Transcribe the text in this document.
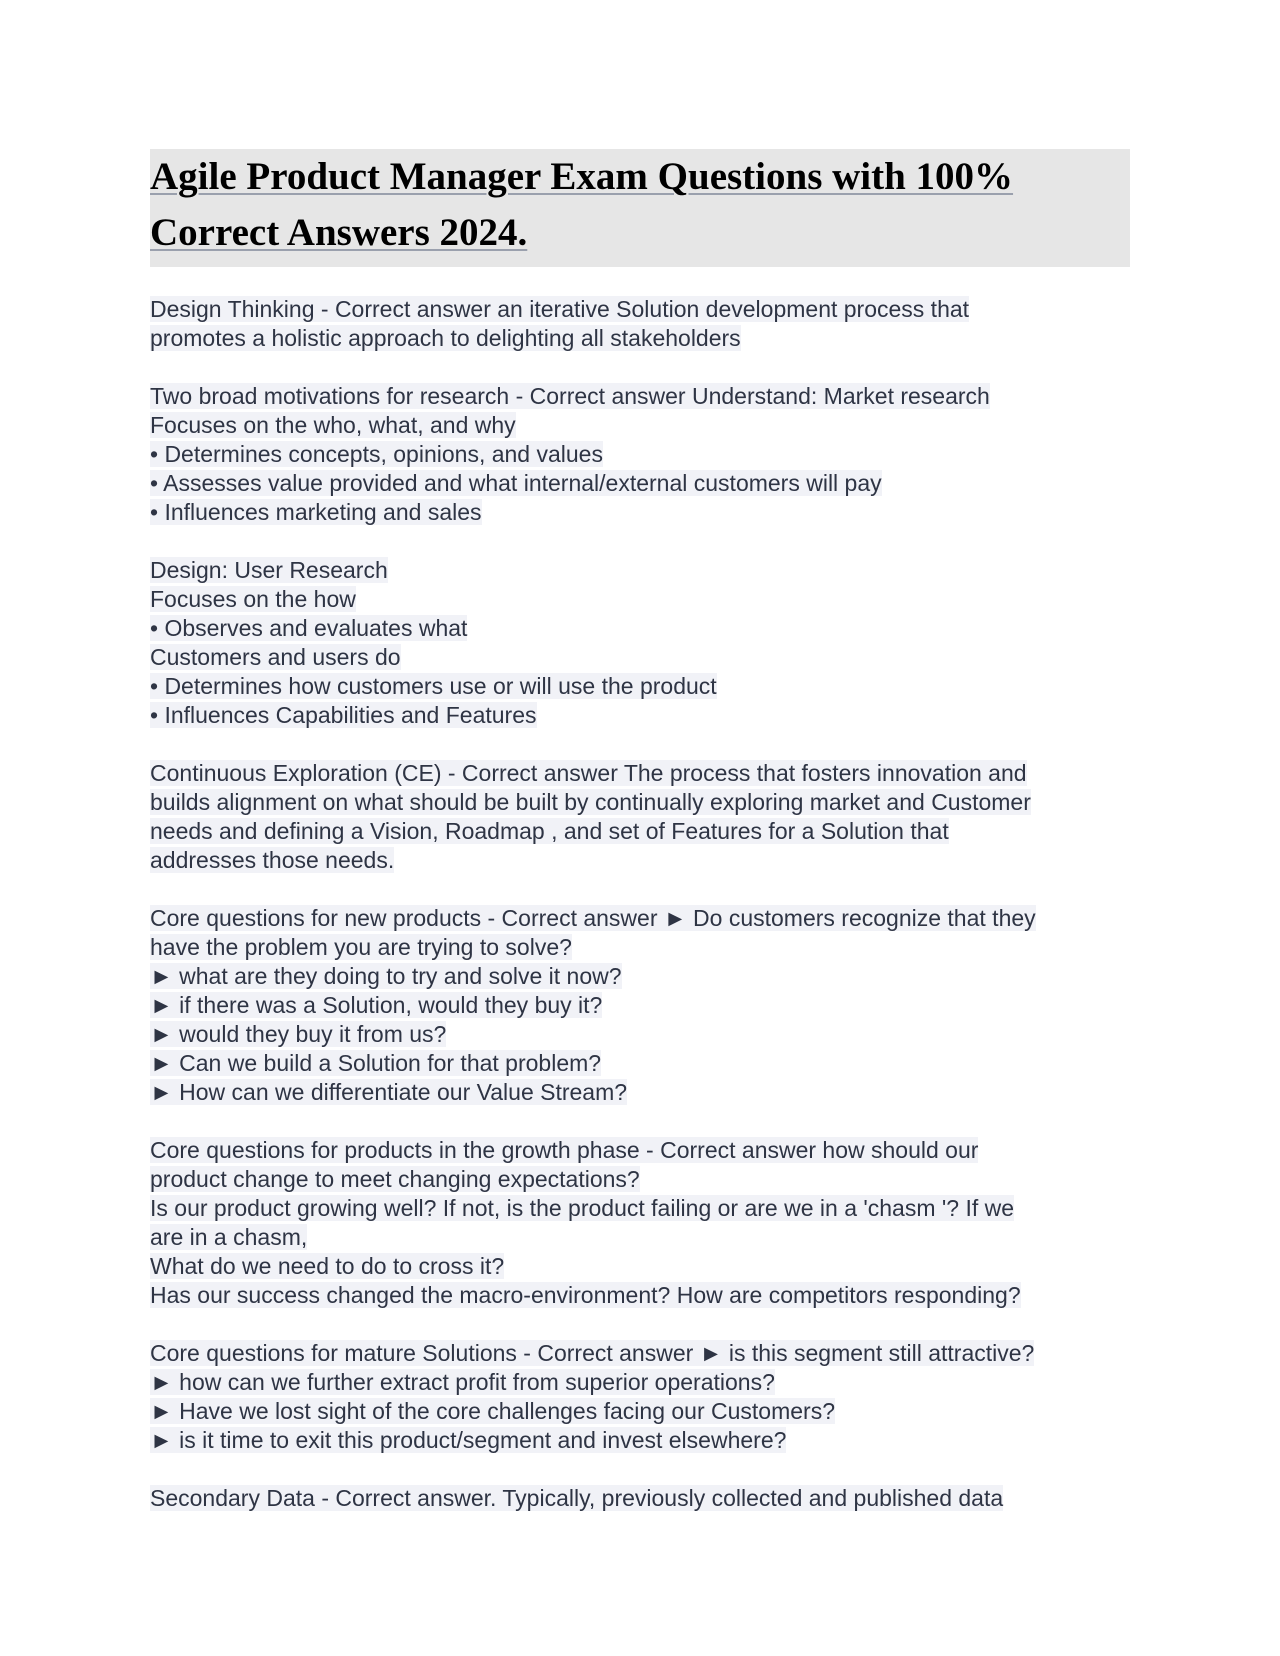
Agile Product Manager Exam Questions with 100%
Correct Answers 2024.
Design Thinking - Correct answer an iterative Solution development process that
promotes a holistic approach to delighting all stakeholders
Two broad motivations for research - Correct answer Understand: Market research
Focuses on the who, what, and why
• Determines concepts, opinions, and values
• Assesses value provided and what internal/external customers will pay
• Influences marketing and sales
Design: User Research
Focuses on the how
• Observes and evaluates what
Customers and users do
• Determines how customers use or will use the product
• Influences Capabilities and Features
Continuous Exploration (CE) - Correct answer The process that fosters innovation and
builds alignment on what should be built by continually exploring market and Customer
needs and defining a Vision, Roadmap , and set of Features for a Solution that
addresses those needs.
Core questions for new products - Correct answer ► Do customers recognize that they
have the problem you are trying to solve?
► what are they doing to try and solve it now?
► if there was a Solution, would they buy it?
► would they buy it from us?
► Can we build a Solution for that problem?
► How can we differentiate our Value Stream?
Core questions for products in the growth phase - Correct answer how should our
product change to meet changing expectations?
Is our product growing well? If not, is the product failing or are we in a 'chasm '? If we
are in a chasm,
What do we need to do to cross it?
Has our success changed the macro-environment? How are competitors responding?
Core questions for mature Solutions - Correct answer ► is this segment still attractive?
► how can we further extract profit from superior operations?
► Have we lost sight of the core challenges facing our Customers?
► is it time to exit this product/segment and invest elsewhere?
Secondary Data - Correct answer. Typically, previously collected and published data
